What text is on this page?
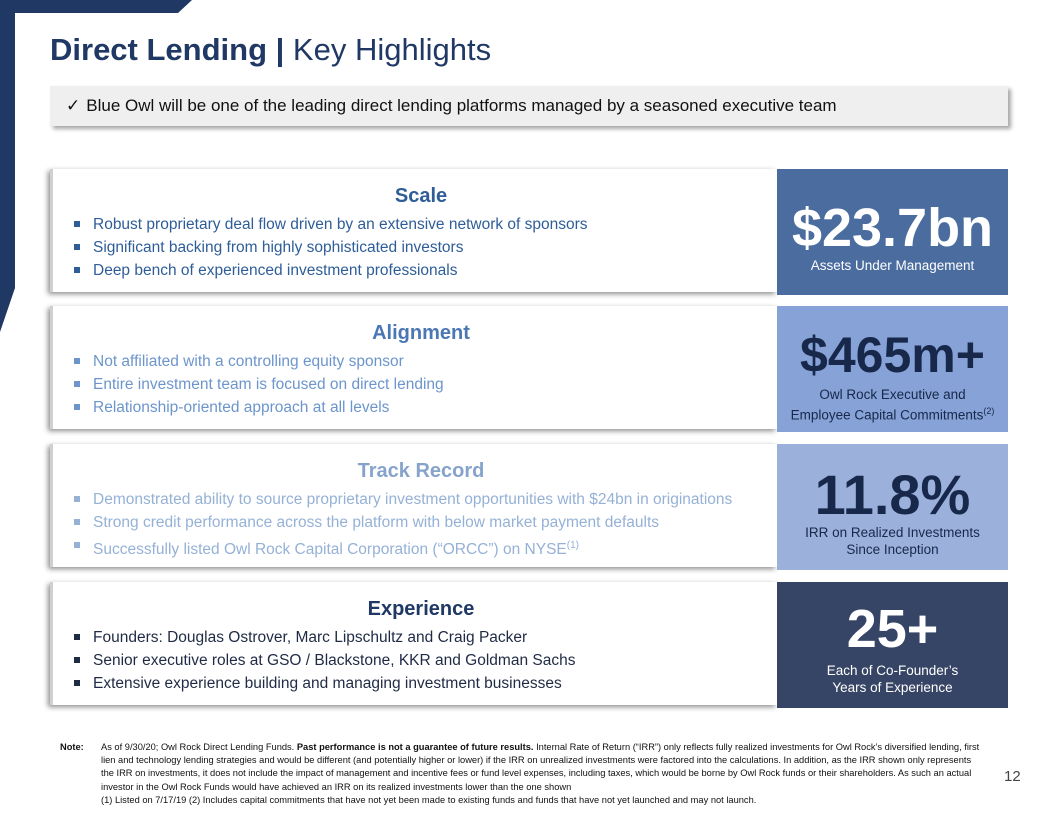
Direct Lending | Key Highlights
✓ Blue Owl will be one of the leading direct lending platforms managed by a seasoned executive team
Scale
Robust proprietary deal flow driven by an extensive network of sponsors
Significant backing from highly sophisticated investors
Deep bench of experienced investment professionals
$23.7bn
Assets Under Management
Alignment
Not affiliated with a controlling equity sponsor
Entire investment team is focused on direct lending
Relationship-oriented approach at all levels
$465m+
Owl Rock Executive and
Employee Capital Commitments$^{(2)}$
Track Record
Demonstrated ability to source proprietary investment opportunities with $24bn in originations
Strong credit performance across the platform with below market payment defaults
Successfully listed Owl Rock Capital Corporation (“ORCC”) on NYSE$^{(1)}$
11.8%
IRR on Realized Investments
Since Inception
Experience
Founders: Douglas Ostrover, Marc Lipschultz and Craig Packer
Senior executive roles at GSO / Blackstone, KKR and Goldman Sachs
Extensive experience building and managing investment businesses
25+
Each of Co-Founder’s
Years of Experience
Note: As of 9/30/20; Owl Rock Direct Lending Funds. Past performance is not a guarantee of future results. Internal Rate of Return (“IRR”) only reflects fully realized investments for Owl Rock’s diversified lending, first lien and technology lending strategies and would be different (and potentially higher or lower) if the IRR on unrealized investments were factored into the calculations. In addition, as the IRR shown only represents the IRR on investments, it does not include the impact of management and incentive fees or fund level expenses, including taxes, which would be borne by Owl Rock funds or their shareholders. As such an actual investor in the Owl Rock Funds would have achieved an IRR on its realized investments lower than the one shown
(1) Listed on 7/17/19 (2) Includes capital commitments that have not yet been made to existing funds and funds that have not yet launched and may not launch.
12
